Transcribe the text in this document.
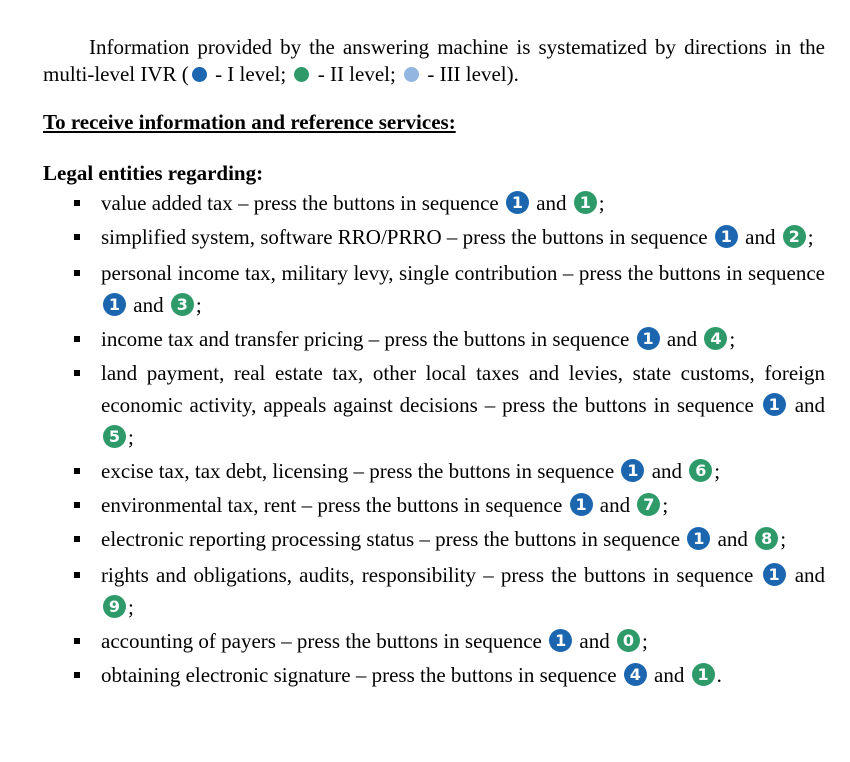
Information provided by the answering machine is systematized by directions in the multi-level IVR ( - I level;  - II level;  - III level).

To receive information and reference services:
Legal entities regarding:
value added tax – press the buttons in sequence 1 and 1 ;
simplified system, software RRO/PRRO – press the buttons in sequence 1 and 2 ;
personal income tax, military levy, single contribution – press the buttons in sequence 1 and 3 ;
income tax and transfer pricing – press the buttons in sequence 1 and 4 ;
land payment, real estate tax, other local taxes and levies, state customs, foreign economic activity, appeals against decisions – press the buttons in sequence 1 and 5 ;
excise tax, tax debt, licensing – press the buttons in sequence 1 and 6 ;
environmental tax, rent – press the buttons in sequence 1 and 7 ;
electronic reporting processing status – press the buttons in sequence 1 and 8 ;
rights and obligations, audits, responsibility – press the buttons in sequence 1 and 9 ;
accounting of payers – press the buttons in sequence 1 and 0 ;
obtaining electronic signature – press the buttons in sequence 4 and 1 .
